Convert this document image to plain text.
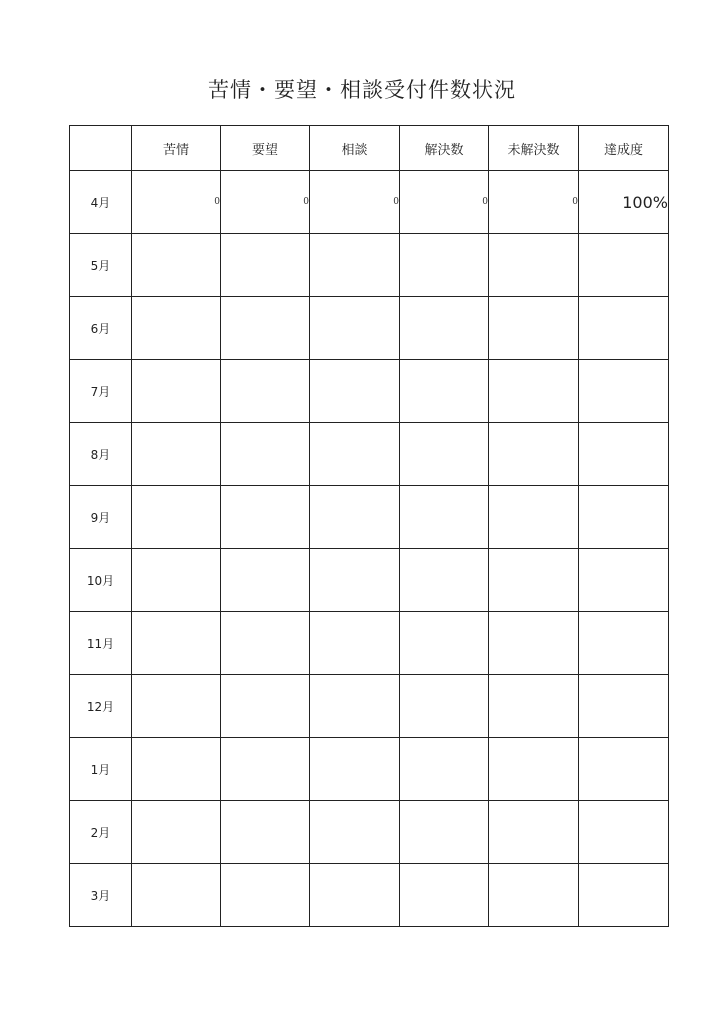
苦情・要望・相談受付件数状況
	苦情	要望	相談	解決数	未解決数	達成度
4月	0	0	0	0	0	100%
5月						
6月						
7月						
8月						
9月						
10月						
11月						
12月						
1月						
2月						
3月						
